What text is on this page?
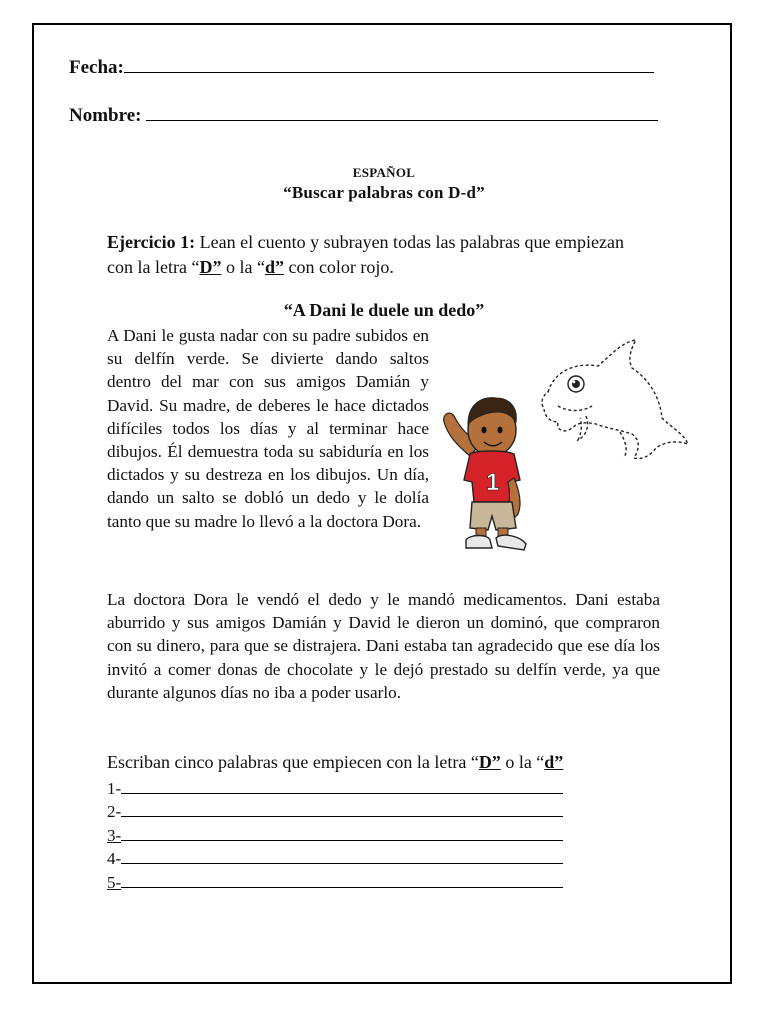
Fecha:
Nombre:
ESPAÑOL
“Buscar palabras con D-d”
Ejercicio 1: Lean el cuento y subrayen todas las palabras que empiezan con la letra “D” o la “d” con color rojo.
“A Dani le duele un dedo”

A Dani le gusta nadar con su padre subidos en su delfín verde. Se divierte dando saltos dentro del mar con sus amigos Damián y David. Su madre, de deberes le hace dictados difíciles todos los días y al terminar hace dibujos. Él demuestra toda su sabiduría en los dictados y su destreza en los dibujos. Un día, dando un salto se dobló un dedo y le dolía tanto que su madre lo llevó a la doctora Dora.

1

La doctora Dora le vendó el dedo y le mandó medicamentos. Dani estaba aburrido y sus amigos Damián y David le dieron un dominó, que compraron con su dinero, para que se distrajera. Dani estaba tan agradecido que ese día los invitó a comer donas de chocolate y le dejó prestado su delfín verde, ya que durante algunos días no iba a poder usarlo.

Escriban cinco palabras que empiecen con la letra “D” o la “d”
1-
2-
3-
4-
5-
